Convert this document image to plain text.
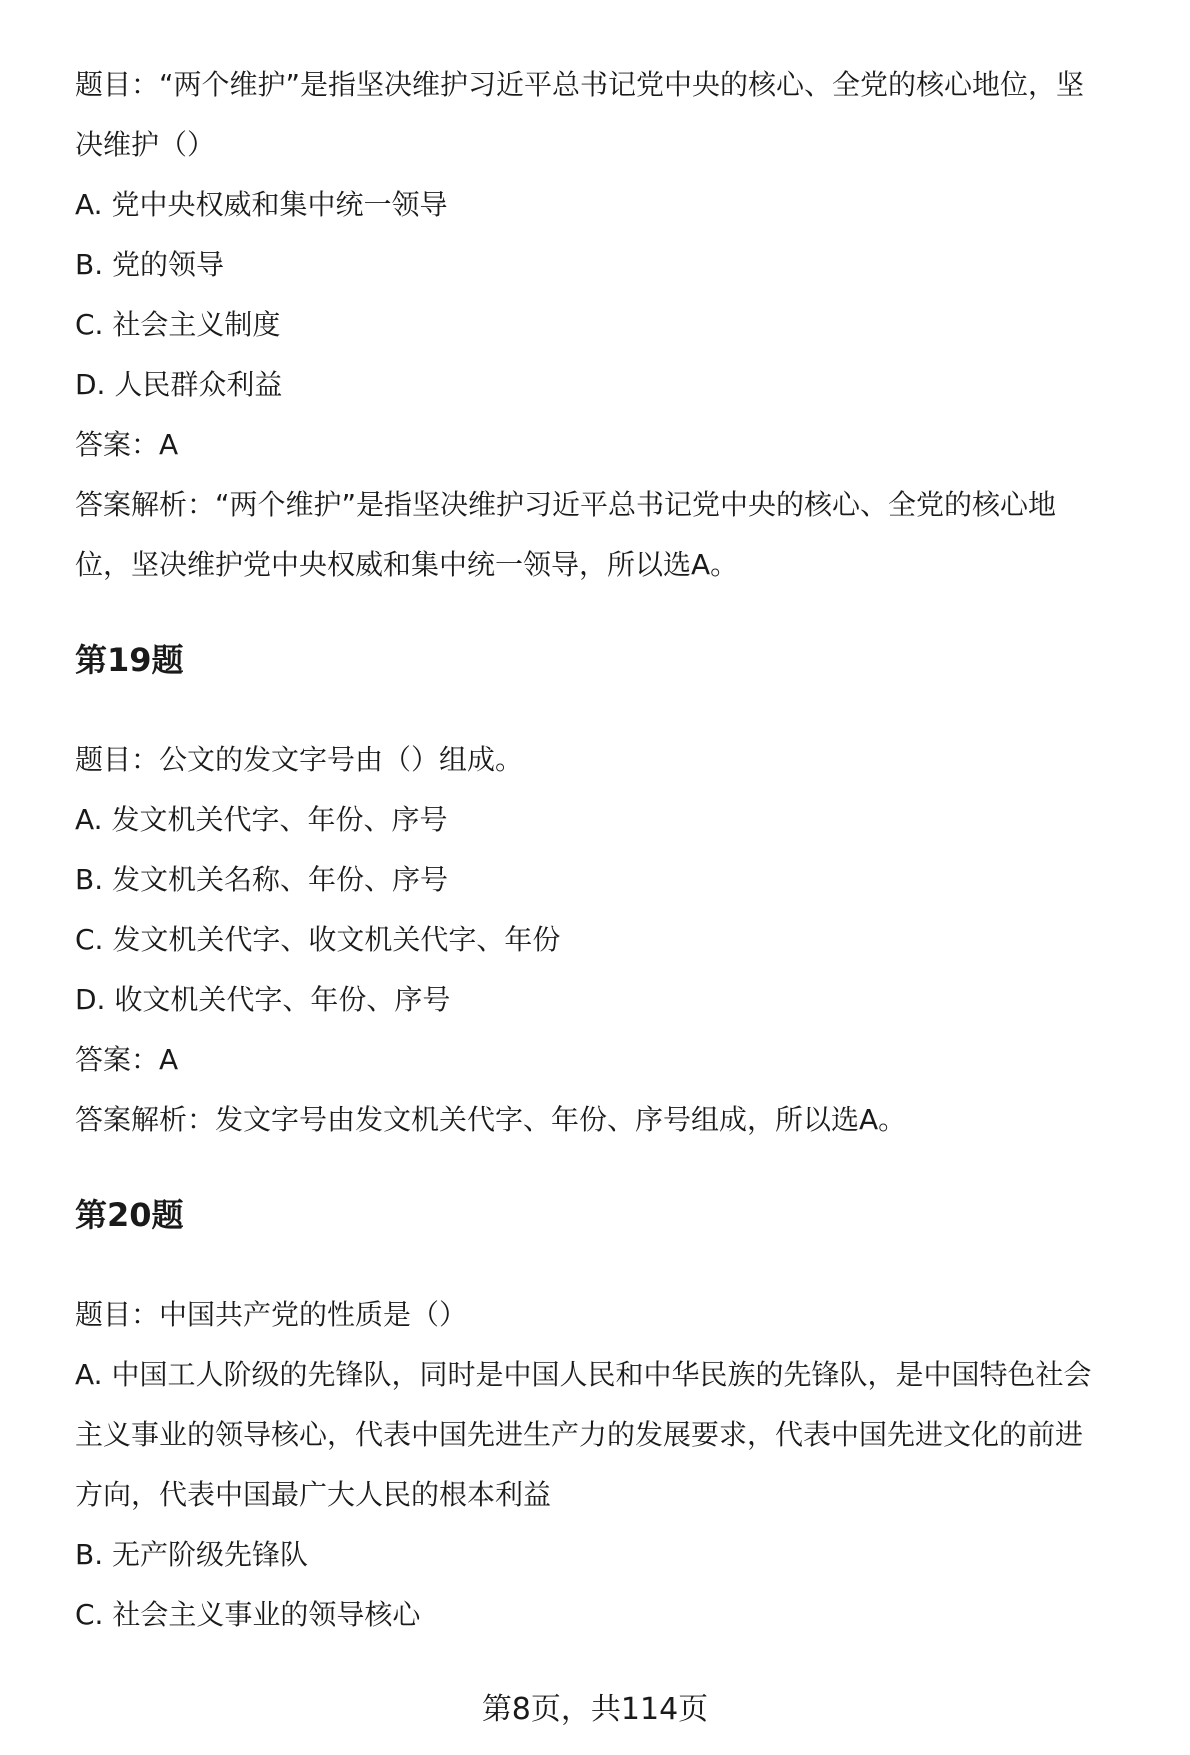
题目：“两个维护”是指坚决维护习近平总书记党中央的核心、全党的核心地位，坚
决维护（）
A. 党中央权威和集中统一领导
B. 党的领导
C. 社会主义制度
D. 人民群众利益
答案：A
答案解析：“两个维护”是指坚决维护习近平总书记党中央的核心、全党的核心地
位，坚决维护党中央权威和集中统一领导，所以选A。
第19题
题目：公文的发文字号由（）组成。
A. 发文机关代字、年份、序号
B. 发文机关名称、年份、序号
C. 发文机关代字、收文机关代字、年份
D. 收文机关代字、年份、序号
答案：A
答案解析：发文字号由发文机关代字、年份、序号组成，所以选A。
第20题
题目：中国共产党的性质是（）
A. 中国工人阶级的先锋队，同时是中国人民和中华民族的先锋队，是中国特色社会
主义事业的领导核心，代表中国先进生产力的发展要求，代表中国先进文化的前进
方向，代表中国最广大人民的根本利益
B. 无产阶级先锋队
C. 社会主义事业的领导核心
第8页，共114页
